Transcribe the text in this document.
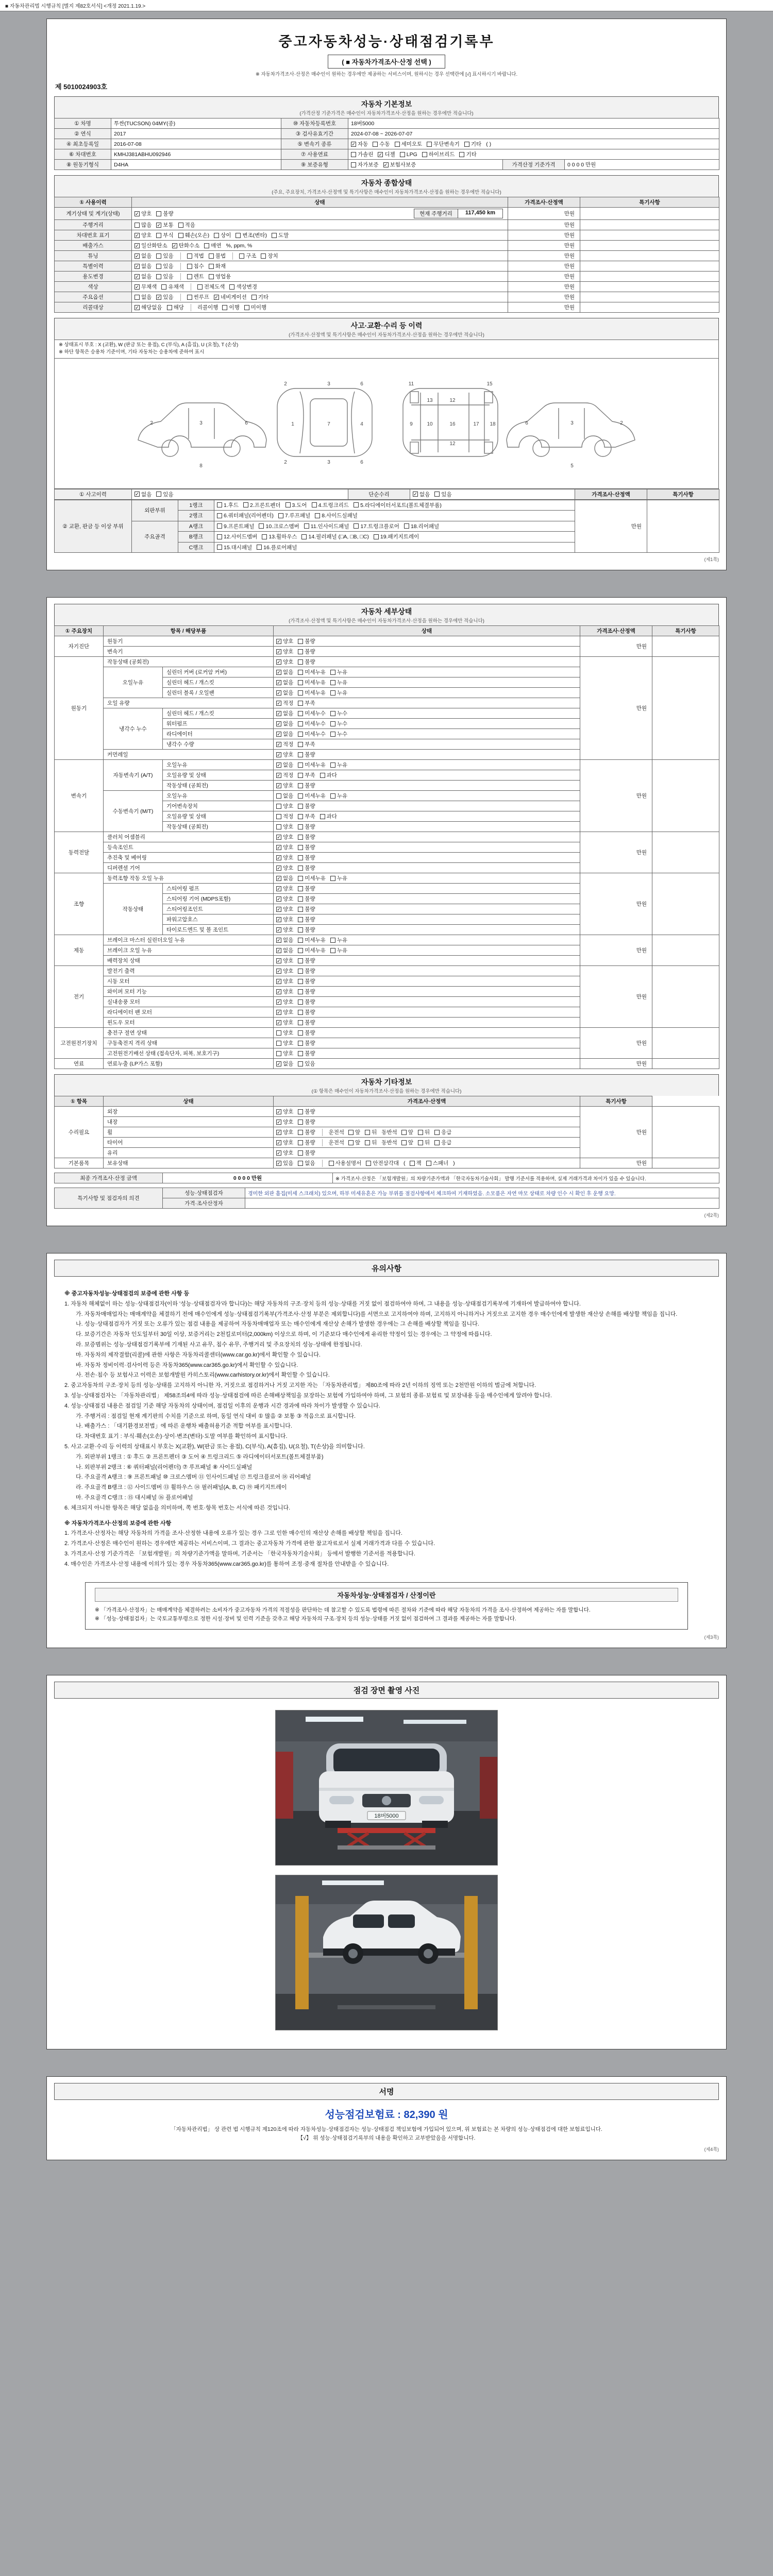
■ 자동차관리법 시행규칙 [별지 제82호서식] <개정 2021.1.19.>
중고자동차성능·상태점검기록부
( ■ 자동차가격조사·산정 선택 )
※ 자동차가격조사·산정은 매수인이 원하는 경우에만 제공하는 서비스이며, 원하시는 경우 선택란에 [√] 표시하시기 바랍니다.
제 5010024903호
자동차 기본정보
(가격산정 기준가격은 매수인이 자동차가격조사·산정을 원하는 경우에만 적습니다)
① 차명	투싼(TUCSON) 04MY(종)	⑩ 자동차등록번호	18버5000		
② 연식	2017	③ 검사유효기간	2024-07-08 ~ 2026-07-07		
④ 최초등록일	2016-07-08	⑤ 변속기 종류	✓ 자동 수동 세미오토 무단변속기 기타 ( )

⑥ 차대번호	KMHJ381ABHU092946	⑦ 사용연료	가솔린 ✓ 디젤 LPG 하이브리드 기타

⑧ 원동기형식	D4HA	⑨ 보증유형	자가보증 ✓ 보험사보증	가격산정 기준가격	0 0 0 0 만원
자동차 종합상태
(주요, 주요장치, 가격조사·산정액 및 특기사항은 매수인이 자동차가격조사·산정을 원하는 경우에만 적습니다)
① 사용이력	상태	가격조사·산정액	특기사항
계기상태 및 계기(상태)	✓ 양호 불량 현재 주행거리 117,450 km	만원	
주행거리	많음 ✓ 보통 적음	만원	
차대번호 표기	✓ 양호 부식 훼손(오손) 상이 변조(변타) 도말	만원	
배출가스	✓ 일산화탄소 ✓ 탄화수소 매연 %, ppm, %	만원	
튜닝	✓ 없음 있음	적법 불법	구조 장치	만원	
특별이력	✓ 없음 있음 침수 화재	만원	
용도변경	✓ 없음 있음 렌트 영업용	만원	
색상	✓ 무채색 유채색 전체도색 색상변경	만원	
주요옵션	없음 ✓ 있음	썬루프 ✓ 네비게이션 기타	만원	
리콜대상	✓ 해당없음 해당 리콜이행 이행 미이행	만원	
사고·교환·수리 등 이력
(가격조사·산정액 및 특기사항은 매수인이 자동차가격조사·산정을 원하는 경우에만 적습니다)
※ 상태표시 부호 : X (교환), W (판금 또는 용접), C (부식), A (흠집), U (요철), T (손상)
※ 하단 항목은 승용차 기준이며, 기타 자동차는 승용차에 준하여 표시
2	3	6
8
1	7	4
2
2
3
3
6
6
9	10	16	17 18
12
13
12
11	15
2
3
6
5
① 사고이력	✓ 없음 있음	단순수리	✓ 없음 있음	가격조사·산정액	특기사항
② 교환, 판금 등 이상 부위	외판부위	1랭크	1.후드 2.프론트펜더 3.도어 4.트렁크리드 5.라디에이터서포트(볼트체결부품)	만원	
		2랭크	6.쿼터패널(리어펜더) 7.루프패널 8.사이드실패널		

	주요골격	A랭크	9.프론트패널 10.크로스멤버 11.인사이드패널 17.트렁크플로어 18.리어패널		

		B랭크	12.사이드멤버 13.휠하우스 14.필러패널 (□A, □B, □C) 19.패키지트레이		

		C랭크	15.대시패널 16.플로어패널		
(제1쪽)
자동차 세부상태
(가격조사·산정액 및 특기사항은 매수인이 자동차가격조사·산정을 원하는 경우에만 적습니다)
① 주요장치	항목 / 해당부품		상태	가격조사·산정액	특기사항
자기진단	원동기		✓ 양호 불량	만원	
	변속기		✓ 양호 불량		

원동기	작동상태 (공회전)		✓ 양호 불량	만원	
	오일누유	실린더 커버 (로커암 커버)	✓ 없음 미세누유 누유		

		실린더 헤드 / 개스킷	✓ 없음 미세누유 누유		

		실린더 블록 / 오일팬	✓ 없음 미세누유 누유		

	오일 유량		✓ 적정 부족		

	냉각수 누수	실린더 헤드 / 개스킷	✓ 없음 미세누수 누수		

		워터펌프	✓ 없음 미세누수 누수		

		라디에이터	✓ 없음 미세누수 누수		

		냉각수 수량	✓ 적정 부족		

	커먼레일		✓ 양호 불량		

변속기	자동변속기 (A/T)	오일누유	✓ 없음 미세누유 누유	만원	
		오일유량 및 상태	✓ 적정 부족 과다		

		작동상태 (공회전)	✓ 양호 불량		

	수동변속기 (M/T)	오일누유	없음 미세누유 누유		

		기어변속장치	양호 불량		

		오일유량 및 상태	적정 부족 과다		

		작동상태 (공회전)	양호 불량		

동력전달	클러치 어셈블리		✓ 양호 불량	만원	
	등속조인트		✓ 양호 불량		

	추진축 및 베어링		✓ 양호 불량		

	디퍼렌셜 기어		✓ 양호 불량		

조향	동력조향 작동 오일 누유		✓ 없음 미세누유 누유	만원	
	작동상태	스티어링 펌프	✓ 양호 불량		

		스티어링 기어 (MDPS포함)	✓ 양호 불량		

		스티어링조인트	✓ 양호 불량		

		파워고압호스	✓ 양호 불량		

		타이로드엔드 및 볼 조인트	✓ 양호 불량		

제동	브레이크 마스터 실린더오일 누유		✓ 없음 미세누유 누유	만원	
	브레이크 오일 누유		✓ 없음 미세누유 누유		

	배력장치 상태		✓ 양호 불량		

전기	발전기 출력		✓ 양호 불량	만원	
	시동 모터		✓ 양호 불량		

	와이퍼 모터 기능		✓ 양호 불량		

	실내송풍 모터		✓ 양호 불량		

	라디에이터 팬 모터		✓ 양호 불량		

	윈도우 모터		✓ 양호 불량		

고전원전기장치	충전구 절연 상태		양호 불량	만원	
	구동축전지 격리 상태		양호 불량		

	고전원전기배선 상태 (접속단자, 피복, 보호기구)		양호 불량		

연료	연료누출 (LP가스 포함)		✓ 없음 있음	만원	
자동차 기타정보
(① 항목은 매수인이 자동차가격조사·산정을 원하는 경우에만 적습니다)
① 항목	상태	가격조사·산정액	특기사항	
수리필요	외장	✓ 양호 불량	만원	
	내장	✓ 양호 불량		

휠	✓ 양호 불량 운전석 앞 뒤 동반석 앞 뒤 응급

타이어	✓ 양호 불량 운전석 앞 뒤 동반석 앞 뒤 응급

	유리	✓ 양호 불량		

기본품목	보유상태	✓ 있음 없음	사용설명서 안전삼각대 ( 잭 스패너 )	만원	
최종 가격조사·산정 금액	0 0 0 0 만원	※ 가격조사·산정은 「보험개발원」의 차량기준가액과 「한국자동차기술사회」 발행 기준서를 적용하며, 실제 거래가격과 차이가 있을 수 있습니다.
특기사항 및 점검자의 의견	성능·상태점검자	경미한 외판 흠집(미세 스크래치) 있으며, 하부 미세유흔은 가능 부위를 점검사항에서 체크하여 기재하였음. 소모품은 자연 마모 상태로 차량 인수 시 확인 후 운행 요망.
	가격·조사산정자	
(제2쪽)
유의사항
※ 중고자동차성능·상태점검의 보증에 관한 사항 등
1. 자동차 해체없이 하는 성능·상태점검자(이하 '성능·상태점검자'라 합니다)는 해당 자동차의 구조·장치 등의 성능·상태를 거짓 없이 점검하여야 하며, 그 내용을 성능·상태점검기록부에 기재하여 발급하여야 합니다.
가. 자동차매매업자는 매매계약을 체결하기 전에 매수인에게 성능·상태점검기록부(가격조사·산정 부분은 제외합니다)를 서면으로 고지하여야 하며, 고지하지 아니하거나 거짓으로 고지한 경우 매수인에게 발생한 재산상 손해를 배상할 책임을 집니다.
나. 성능·상태점검자가 거짓 또는 오류가 있는 점검 내용을 제공하여 자동차매매업자 또는 매수인에게 재산상 손해가 발생한 경우에는 그 손해를 배상할 책임을 집니다.
다. 보증기간은 자동차 인도일부터 30일 이상, 보증거리는 2천킬로미터(2,000km) 이상으로 하며, 이 기준보다 매수인에게 유리한 약정이 있는 경우에는 그 약정에 따릅니다.
라. 보증범위는 성능·상태점검기록부에 기재된 사고 유무, 침수 유무, 주행거리 및 주요장치의 성능·상태에 한정됩니다.
마. 자동차의 제작결함(리콜)에 관한 사항은 자동차리콜센터(www.car.go.kr)에서 확인할 수 있습니다.
바. 자동차 정비이력·검사이력 등은 자동차365(www.car365.go.kr)에서 확인할 수 있습니다.
사. 전손·침수 등 보험사고 이력은 보험개발원 카히스토리(www.carhistory.or.kr)에서 확인할 수 있습니다.
2. 중고자동차의 구조·장치 등의 성능·상태를 고지하지 아니한 자, 거짓으로 점검하거나 거짓 고지한 자는 「자동차관리법」 제80조에 따라 2년 이하의 징역 또는 2천만원 이하의 벌금에 처합니다.
3. 성능·상태점검자는 「자동차관리법」 제58조의4에 따라 성능·상태점검에 따른 손해배상책임을 보장하는 보험에 가입하여야 하며, 그 보험의 종류·보험료 및 보장내용 등을 매수인에게 알려야 합니다.
4. 성능·상태점검 내용은 점검일 기준 해당 자동차의 상태이며, 점검일 이후의 운행과 시간 경과에 따라 차이가 발생할 수 있습니다.
가. 주행거리 : 점검일 현재 계기판의 수치를 기준으로 하며, 동일 연식 대비 ① 많음 ② 보통 ③ 적음으로 표시합니다.
나. 배출가스 : 「대기환경보전법」에 따른 운행차 배출허용기준 적합 여부를 표시합니다.
다. 차대번호 표기 : 부식·훼손(오손)·상이·변조(변타)·도말 여부를 확인하여 표시합니다.
5. 사고·교환·수리 등 이력의 상태표시 부호는 X(교환), W(판금 또는 용접), C(부식), A(흠집), U(요철), T(손상)을 의미합니다.
가. 외판부위 1랭크 : ① 후드 ② 프론트펜더 ③ 도어 ④ 트렁크리드 ⑤ 라디에이터서포트(볼트체결부품)
나. 외판부위 2랭크 : ⑥ 쿼터패널(리어펜더) ⑦ 루프패널 ⑧ 사이드실패널
다. 주요골격 A랭크 : ⑨ 프론트패널 ⑩ 크로스멤버 ⑪ 인사이드패널 ⑰ 트렁크플로어 ⑱ 리어패널
라. 주요골격 B랭크 : ⑫ 사이드멤버 ⑬ 휠하우스 ⑭ 필러패널(A, B, C) ⑲ 패키지트레이
마. 주요골격 C랭크 : ⑮ 대시패널 ⑯ 플로어패널
6. 체크되지 아니한 항목은 해당 없음을 의미하며, 쪽 번호·항목 번호는 서식에 따른 것입니다.
※ 자동차가격조사·산정의 보증에 관한 사항
1. 가격조사·산정자는 해당 자동차의 가격을 조사·산정한 내용에 오류가 있는 경우 그로 인한 매수인의 재산상 손해를 배상할 책임을 집니다.
2. 가격조사·산정은 매수인이 원하는 경우에만 제공하는 서비스이며, 그 결과는 중고자동차 가격에 관한 참고자료로서 실제 거래가격과 다를 수 있습니다.
3. 가격조사·산정 기준가격은 「보험개발원」의 차량기준가액을 말하며, 기준서는 「한국자동차기술사회」 등에서 발행한 기준서를 적용합니다.
4. 매수인은 가격조사·산정 내용에 이의가 있는 경우 자동차365(www.car365.go.kr)를 통하여 조정·중재 절차를 안내받을 수 있습니다.
자동차성능·상태점검자 / 산정이란
※ 「가격조사·산정자」는 매매계약을 체결하려는 소비자가 중고자동차 가격의 적절성을 판단하는 데 참고할 수 있도록 법령에 따른 절차와 기준에 따라 해당 자동차의 가격을 조사·산정하여 제공하는 자를 말합니다.
※ 「성능·상태점검자」는 국토교통부령으로 정한 시설·장비 및 인력 기준을 갖추고 해당 자동차의 구조·장치 등의 성능·상태를 거짓 없이 점검하여 그 결과를 제공하는 자를 말합니다.
(제3쪽)
점검 장면 촬영 사진
18버5000
서명
성능점검보험료 : 82,390 원
「자동차관리법」 상 관련 법 시행규칙 제120조에 따라 자동차성능·상태점검자는 성능·상태점검 책임보험에 가입되어 있으며, 위 보험료는 본 차량의 성능·상태점검에 대한 보험료입니다.
【√】 위 성능·상태점검기록부의 내용을 확인하고 교부받았음을 서명합니다.
(제4쪽)
